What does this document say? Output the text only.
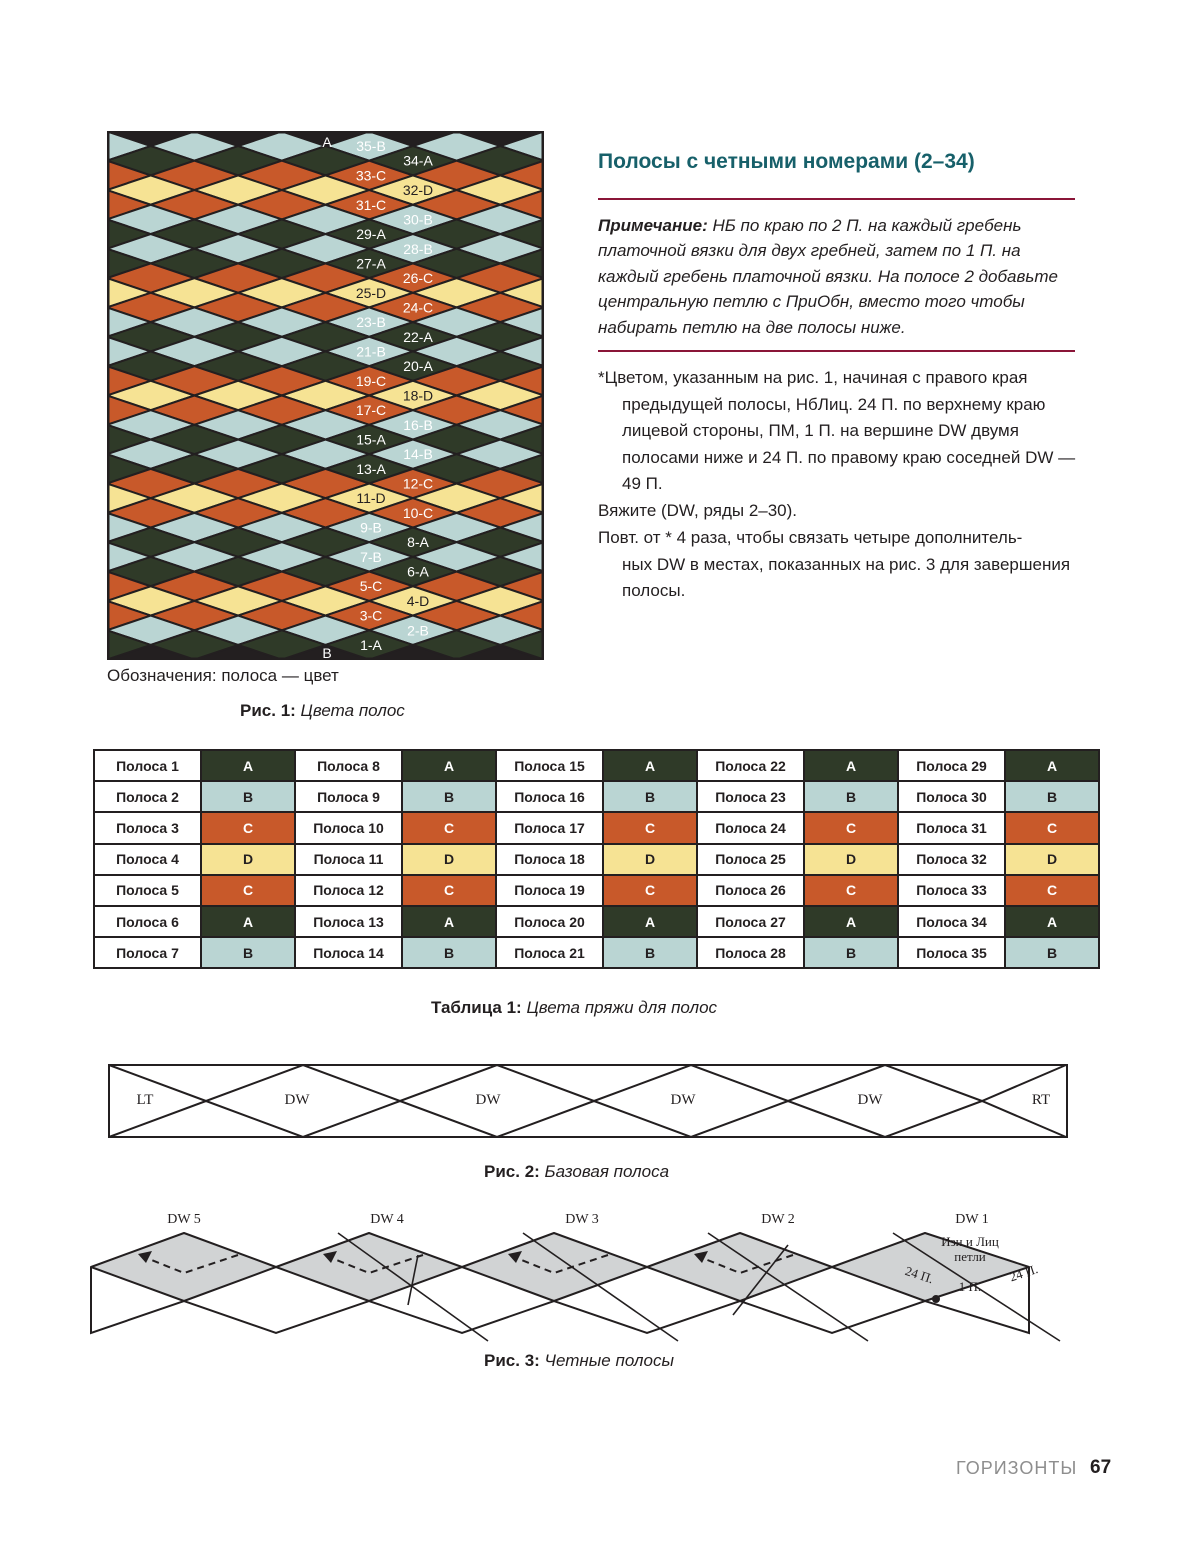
35-B
34-A
33-C
32-D
31-C
30-B
29-A
28-B
27-A
26-C
25-D
24-C
23-B
22-A
21-B
20-A
19-C
18-D
17-C
16-B
15-A
14-B
13-A
12-C
11-D
10-C
9-B
8-A
7-B
6-A
5-C
4-D
3-C
2-B
1-A
A
B
Обозначения: полоса — цвет
Рис. 1: Цвета полос
Полосы с четными номерами (2–34)
Примечание: НБ по краю по 2 П. на каждый гребень платочной вязки для двух гребней, затем по 1 П. на каждый гребень платочной вязки. На полосе 2 добавьте центральную петлю с ПриОбн, вместо того чтобы набирать петлю на две полосы ниже.
*Цветом, указанным на рис. 1, начиная с правого края
предыдущей полосы, НбЛиц. 24 П. по верхнему краю лицевой стороны, ПМ, 1 П. на вершине DW двумя полосами ниже и 24 П. по правому краю соседней DW — 49 П.
Вяжите (DW, ряды 2–30).
Повт. от * 4 раза, чтобы связать четыре дополнитель-
ных DW в местах, показанных на рис. 3 для завершения полосы.
Полоса 1	A	Полоса 8	A	Полоса 15	A	Полоса 22	A	Полоса 29	A
Полоса 2	B	Полоса 9	B	Полоса 16	B	Полоса 23	B	Полоса 30	B
Полоса 3	C	Полоса 10	C	Полоса 17	C	Полоса 24	C	Полоса 31	C
Полоса 4	D	Полоса 11	D	Полоса 18	D	Полоса 25	D	Полоса 32	D
Полоса 5	C	Полоса 12	C	Полоса 19	C	Полоса 26	C	Полоса 33	C
Полоса 6	A	Полоса 13	A	Полоса 20	A	Полоса 27	A	Полоса 34	A
Полоса 7	B	Полоса 14	B	Полоса 21	B	Полоса 28	B	Полоса 35	B
Таблица 1: Цвета пряжи для полос
LT	DW	DW	DW	DW	RT
Рис. 2: Базовая полоса
DW 5	DW 4	DW 3	DW 2	DW 1
Изн и Лиц
петли
24 П.
1 П.
24 П.
Рис. 3: Четные полосы
ГОРИЗОНТЫ 67
